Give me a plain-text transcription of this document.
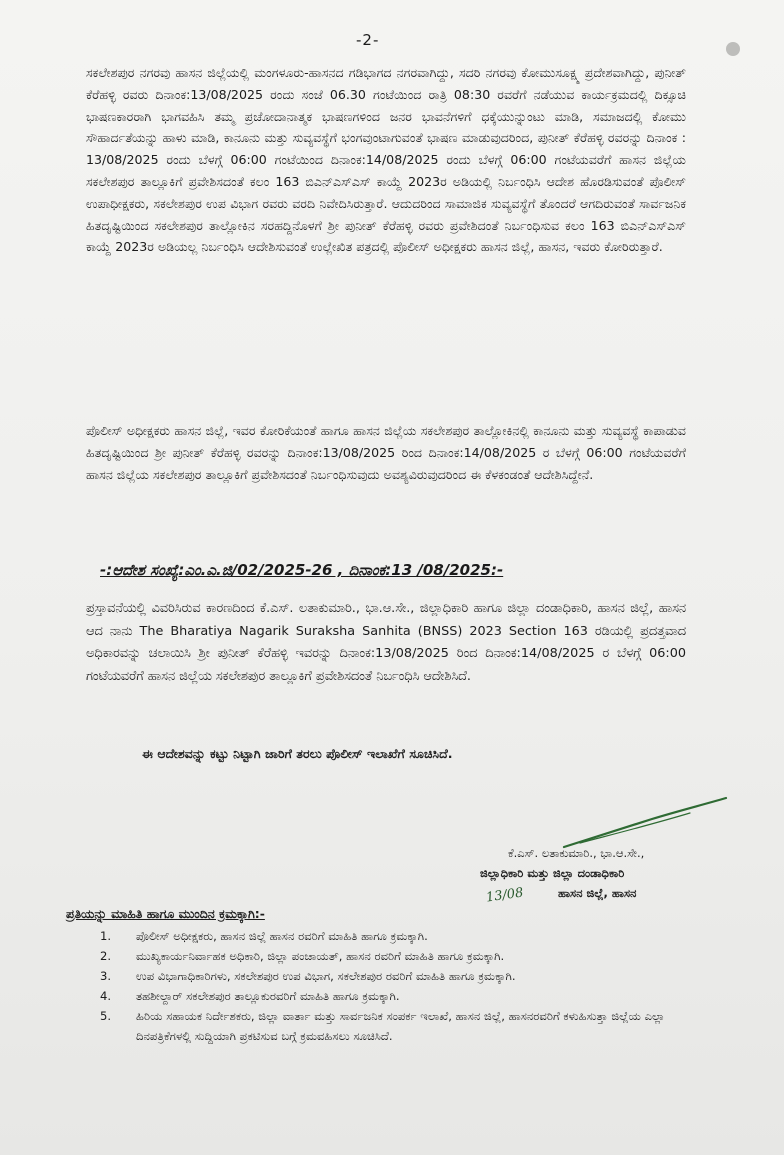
-2-

ಸಕಲೇಶಪುರ ನಗರವು ಹಾಸನ ಜಿಲ್ಲೆಯಲ್ಲಿ ಮಂಗಳೂರು-ಹಾಸನದ ಗಡಿಭಾಗದ ನಗರವಾಗಿದ್ದು, ಸದರಿ ನಗರವು ಕೋಮುಸೂಕ್ಷ್ಮ ಪ್ರದೇಶವಾಗಿದ್ದು, ಪುನೀತ್ ಕೆರೆಹಳ್ಳಿ ರವರು ದಿನಾಂಕ:13/08/2025 ರಂದು ಸಂಜೆ 06.30 ಗಂಟೆಯಿಂದ ರಾತ್ರಿ 08:30 ರವರೆಗೆ ನಡೆಯುವ ಕಾರ್ಯಕ್ರಮದಲ್ಲಿ ದಿಕ್ಸೂಚಿ ಭಾಷಣಕಾರರಾಗಿ ಭಾಗವಹಿಸಿ ತಮ್ಮ ಪ್ರಚೋದಾನಾತ್ಮಕ ಭಾಷಣಗಳಿಂದ ಜನರ ಭಾವನೆಗಳಿಗೆ ಧಕ್ಕೆಯುನ್ನುಂಟು ಮಾಡಿ, ಸಮಾಜದಲ್ಲಿ ಕೋಮು ಸೌಹಾರ್ದತೆಯನ್ನು ಹಾಳು ಮಾಡಿ, ಕಾನೂನು ಮತ್ತು ಸುವ್ಯವಸ್ಥೆಗೆ ಭಂಗವುಂಟಾಗುವಂತೆ ಭಾಷಣ ಮಾಡುವುದರಿಂದ, ಪುನೀತ್ ಕೆರೆಹಳ್ಳಿ ರವರನ್ನು ದಿನಾಂಕ : 13/08/2025 ರಂದು ಬೆಳಗ್ಗೆ 06:00 ಗಂಟೆಯಿಂದ ದಿನಾಂಕ:14/08/2025 ರಂದು ಬೆಳಗ್ಗೆ 06:00 ಗಂಟೆಯವರೆಗೆ ಹಾಸನ ಜಿಲ್ಲೆಯ ಸಕಲೇಶಪುರ ತಾಲ್ಲೂಕಿಗೆ ಪ್ರವೇಶಿಸದಂತೆ ಕಲಂ 163 ಬಿಎನ್‌ಎಸ್‌ಎಸ್ ಕಾಯ್ದೆ 2023ರ ಅಡಿಯಲ್ಲಿ ನಿರ್ಬಂಧಿಸಿ ಆದೇಶ ಹೊರಡಿಸುವಂತೆ ಪೊಲೀಸ್ ಉಪಾಧೀಕ್ಷಕರು, ಸಕಲೇಶಪುರ ಉಪ ವಿಭಾಗ ರವರು ವರದಿ ನಿವೇದಿಸಿರುತ್ತಾರೆ. ಆದುದರಿಂದ ಸಾಮಾಜಿಕ ಸುವ್ಯವಸ್ಥೆಗೆ ತೊಂದರೆ ಆಗದಿರುವಂತೆ ಸಾರ್ವಜನಿಕ ಹಿತದೃಷ್ಟಿಯಿಂದ ಸಕಲೇಶಪುರ ತಾಲ್ಲೋಕಿನ ಸರಹದ್ದಿನೊಳಗೆ ಶ್ರೀ ಪುನೀತ್ ಕೆರೆಹಳ್ಳಿ ರವರು ಪ್ರವೇಶಿದಂತೆ ನಿರ್ಬಂಧಿಸುವ ಕಲಂ 163 ಬಿಎನ್‌ಎಸ್‌ಎಸ್ ಕಾಯ್ದೆ 2023ರ ಅಡಿಯಲ್ಲ ನಿರ್ಬಂಧಿಸಿ ಆದೇಶಿಸುವಂತೆ ಉಲ್ಲೇಖಿತ ಪತ್ರದಲ್ಲಿ ಪೊಲೀಸ್ ಅಧೀಕ್ಷಕರು ಹಾಸನ ಜಿಲ್ಲೆ, ಹಾಸನ, ಇವರು ಕೋರಿರುತ್ತಾರೆ.

ಪೊಲೀಸ್ ಅಧೀಕ್ಷಕರು ಹಾಸನ ಜಿಲ್ಲೆ, ಇವರ ಕೋರಿಕೆಯಂತೆ ಹಾಗೂ ಹಾಸನ ಜಿಲ್ಲೆಯ ಸಕಲೇಶಪುರ ತಾಲ್ಲೋಕಿನಲ್ಲಿ ಕಾನೂನು ಮತ್ತು ಸುವ್ಯವಸ್ಥೆ ಕಾಪಾಡುವ ಹಿತದೃಷ್ಟಿಯಿಂದ ಶ್ರೀ ಪುನೀತ್ ಕೆರೆಹಳ್ಳಿ ರವರನ್ನು ದಿನಾಂಕ:13/08/2025 ರಿಂದ ದಿನಾಂಕ:14/08/2025 ರ ಬೆಳಗ್ಗೆ 06:00 ಗಂಟೆಯವರೆಗೆ ಹಾಸನ ಜಿಲ್ಲೆಯ ಸಕಲೇಶಪುರ ತಾಲ್ಲೂಕಿಗೆ ಪ್ರವೇಶಿಸದಂತೆ ನಿರ್ಬಂಧಿಸುವುದು ಅವಶ್ಯವಿರುವುದರಿಂದ ಈ ಕೆಳಕಂಡಂತೆ ಆದೇಶಿಸಿದ್ದೇನೆ.

-:ಆದೇಶ ಸಂಖ್ಯೆ:ಎಂ.ಎ.ಜಿ/02/2025-26 , ದಿನಾಂಕ:13 /08/2025:-

ಪ್ರಸ್ತಾವನೆಯಲ್ಲಿ ವಿವರಿಸಿರುವ ಕಾರಣದಿಂದ ಕೆ.ಎಸ್. ಲತಾಕುಮಾರಿ., ಭಾ.ಆ.ಸೇ., ಜಿಲ್ಲಾಧಿಕಾರಿ ಹಾಗೂ ಜಿಲ್ಲಾ ದಂಡಾಧಿಕಾರಿ, ಹಾಸನ ಜಿಲ್ಲೆ, ಹಾಸನ ಆದ ನಾನು The Bharatiya Nagarik Suraksha Sanhita (BNSS) 2023 Section 163 ರಡಿಯಲ್ಲಿ ಪ್ರದತ್ತವಾದ ಅಧಿಕಾರವನ್ನು ಚಲಾಯಿಸಿ ಶ್ರೀ ಪುನೀತ್ ಕೆರೆಹಳ್ಳಿ ಇವರನ್ನು ದಿನಾಂಕ:13/08/2025 ರಿಂದ ದಿನಾಂಕ:14/08/2025 ರ ಬೆಳಗ್ಗೆ 06:00 ಗಂಟೆಯವರೆಗೆ ಹಾಸನ ಜಿಲ್ಲೆಯ ಸಕಲೇಶಪುರ ತಾಲ್ಲೂಕಿಗೆ ಪ್ರವೇಶಿಸದಂತೆ ನಿರ್ಬಂಧಿಸಿ ಆದೇಶಿಸಿದೆ.

ಈ ಆದೇಶವನ್ನು ಕಟ್ಟು ನಿಟ್ಟಾಗಿ ಜಾರಿಗೆ ತರಲು ಪೊಲೀಸ್ ಇಲಾಖೆಗೆ ಸೂಚಿಸಿದೆ.
ಕೆ.ಎಸ್. ಲತಾಕುಮಾರಿ., ಭಾ.ಆ.ಸೇ.,
ಜಿಲ್ಲಾಧಿಕಾರಿ ಮತ್ತು ಜಿಲ್ಲಾ ದಂಡಾಧಿಕಾರಿ
ಹಾಸನ ಜಿಲ್ಲೆ, ಹಾಸನ
13/08
ಪ್ರತಿಯನ್ನು ಮಾಹಿತಿ ಹಾಗೂ ಮುಂದಿನ ಕ್ರಮಕ್ಕಾಗಿ:-
1. ಪೊಲೀಸ್ ಅಧೀಕ್ಷಕರು, ಹಾಸನ ಜಿಲ್ಲೆ ಹಾಸನ ರವರಿಗೆ ಮಾಹಿತಿ ಹಾಗೂ ಕ್ರಮಕ್ಕಾಗಿ.
2. ಮುಖ್ಯಕಾರ್ಯನಿರ್ವಾಹಕ ಅಧಿಕಾರಿ, ಜಿಲ್ಲಾ ಪಂಚಾಯತ್, ಹಾಸನ ರವರಿಗೆ ಮಾಹಿತಿ ಹಾಗೂ ಕ್ರಮಕ್ಕಾಗಿ.
3. ಉಪ ವಿಭಾಗಾಧಿಕಾರಿಗಳು, ಸಕಲೇಶಪುರ ಉಪ ವಿಭಾಗ, ಸಕಲೇಶಪುರ ರವರಿಗೆ ಮಾಹಿತಿ ಹಾಗೂ ಕ್ರಮಕ್ಕಾಗಿ.
4. ತಹಶೀಲ್ದಾರ್ ಸಕಲೇಶಪುರ ತಾಲ್ಲೂಕುರವರಿಗೆ ಮಾಹಿತಿ ಹಾಗೂ ಕ್ರಮಕ್ಕಾಗಿ.
5. ಹಿರಿಯ ಸಹಾಯಕ ನಿರ್ದೇಶಕರು, ಜಿಲ್ಲಾ ವಾರ್ತಾ ಮತ್ತು ಸಾರ್ವಜನಿಕ ಸಂಪರ್ಕ ಇಲಾಖೆ, ಹಾಸನ ಜಿಲ್ಲೆ, ಹಾಸನರವರಿಗೆ ಕಳುಹಿಸುತ್ತಾ ಜಿಲ್ಲೆಯ ಎಲ್ಲಾ ದಿನಪತ್ರಿಕೆಗಳಲ್ಲಿ ಸುದ್ದಿಯಾಗಿ ಪ್ರಕಟಿಸುವ ಬಗ್ಗೆ ಕ್ರಮವಹಿಸಲು ಸೂಚಿಸಿದೆ.
